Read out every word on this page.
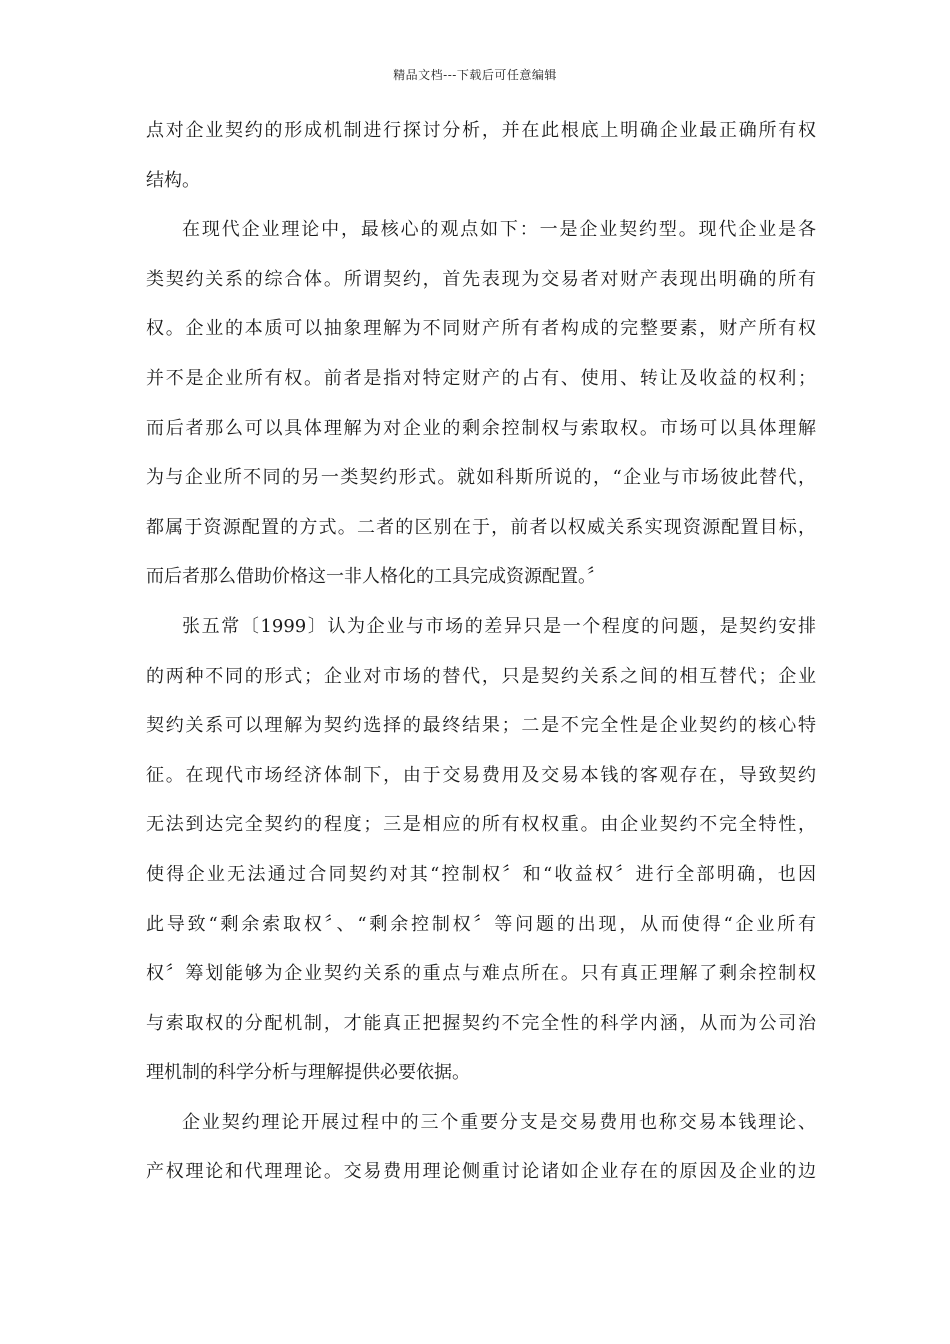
精品文档---下载后可任意编辑
点对企业契约的形成机制进行探讨分析，并在此根底上明确企业最正确所有权
结构。
在现代企业理论中，最核心的观点如下：一是企业契约型。现代企业是各
类契约关系的综合体。所谓契约，首先表现为交易者对财产表现出明确的所有
权。企业的本质可以抽象理解为不同财产所有者构成的完整要素，财产所有权
并不是企业所有权。前者是指对特定财产的占有、使用、转让及收益的权利；
而后者那么可以具体理解为对企业的剩余控制权与索取权。市场可以具体理解
为与企业所不同的另一类契约形式。就如科斯所说的，“企业与市场彼此替代，
都属于资源配置的方式。二者的区别在于，前者以权威关系实现资源配置目标，
而后者那么借助价格这一非人格化的工具完成资源配置。〞
张五常〔1999〕认为企业与市场的差异只是一个程度的问题，是契约安排
的两种不同的形式；企业对市场的替代，只是契约关系之间的相互替代；企业
契约关系可以理解为契约选择的最终结果；二是不完全性是企业契约的核心特
征。在现代市场经济体制下，由于交易费用及交易本钱的客观存在，导致契约
无法到达完全契约的程度；三是相应的所有权权重。由企业契约不完全特性，
使得企业无法通过合同契约对其“控制权〞和“收益权〞进行全部明确，也因
此导致“剩余索取权〞、“剩余控制权〞等问题的出现，从而使得“企业所有
权〞筹划能够为企业契约关系的重点与难点所在。只有真正理解了剩余控制权
与索取权的分配机制，才能真正把握契约不完全性的科学内涵，从而为公司治
理机制的科学分析与理解提供必要依据。
企业契约理论开展过程中的三个重要分支是交易费用也称交易本钱理论、
产权理论和代理理论。交易费用理论侧重讨论诸如企业存在的原因及企业的边
